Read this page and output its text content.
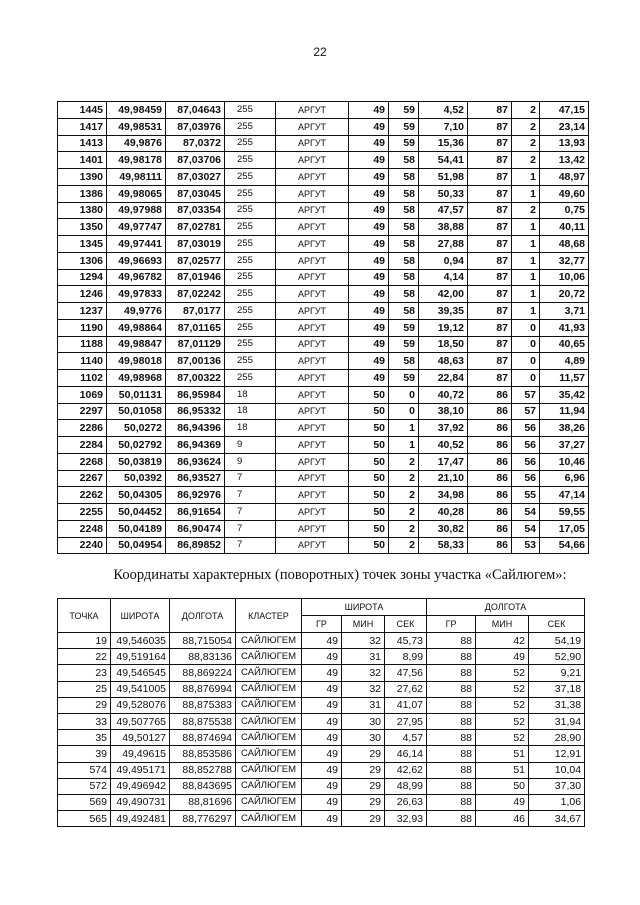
22
1445	49,98459	87,04643	255	АРГУТ	49	59	4,52	87	2	47,15
1417	49,98531	87,03976	255	АРГУТ	49	59	7,10	87	2	23,14
1413	49,9876	87,0372	255	АРГУТ	49	59	15,36	87	2	13,93
1401	49,98178	87,03706	255	АРГУТ	49	58	54,41	87	2	13,42
1390	49,98111	87,03027	255	АРГУТ	49	58	51,98	87	1	48,97
1386	49,98065	87,03045	255	АРГУТ	49	58	50,33	87	1	49,60
1380	49,97988	87,03354	255	АРГУТ	49	58	47,57	87	2	0,75
1350	49,97747	87,02781	255	АРГУТ	49	58	38,88	87	1	40,11
1345	49,97441	87,03019	255	АРГУТ	49	58	27,88	87	1	48,68
1306	49,96693	87,02577	255	АРГУТ	49	58	0,94	87	1	32,77
1294	49,96782	87,01946	255	АРГУТ	49	58	4,14	87	1	10,06
1246	49,97833	87,02242	255	АРГУТ	49	58	42,00	87	1	20,72
1237	49,9776	87,0177	255	АРГУТ	49	58	39,35	87	1	3,71
1190	49,98864	87,01165	255	АРГУТ	49	59	19,12	87	0	41,93
1188	49,98847	87,01129	255	АРГУТ	49	59	18,50	87	0	40,65
1140	49,98018	87,00136	255	АРГУТ	49	58	48,63	87	0	4,89
1102	49,98968	87,00322	255	АРГУТ	49	59	22,84	87	0	11,57
1069	50,01131	86,95984	18	АРГУТ	50	0	40,72	86	57	35,42
2297	50,01058	86,95332	18	АРГУТ	50	0	38,10	86	57	11,94
2286	50,0272	86,94396	18	АРГУТ	50	1	37,92	86	56	38,26
2284	50,02792	86,94369	9	АРГУТ	50	1	40,52	86	56	37,27
2268	50,03819	86,93624	9	АРГУТ	50	2	17,47	86	56	10,46
2267	50,0392	86,93527	7	АРГУТ	50	2	21,10	86	56	6,96
2262	50,04305	86,92976	7	АРГУТ	50	2	34,98	86	55	47,14
2255	50,04452	86,91654	7	АРГУТ	50	2	40,28	86	54	59,55
2248	50,04189	86,90474	7	АРГУТ	50	2	30,82	86	54	17,05
2240	50,04954	86,89852	7	АРГУТ	50	2	58,33	86	53	54,66
Координаты характерных (поворотных) точек зоны участка «Сайлюгем»:
ТОЧКА	ШИРОТА	ДОЛГОТА	КЛАСТЕР	ШИРОТА			ДОЛГОТА		
				ГР	МИН	СЕК	ГР	МИН	СЕК
19	49,546035	88,715054	САЙЛЮГЕМ	49	32	45,73	88	42	54,19
22	49,519164	88,83136	САЙЛЮГЕМ	49	31	8,99	88	49	52,90
23	49,546545	88,869224	САЙЛЮГЕМ	49	32	47,56	88	52	9,21
25	49,541005	88,876994	САЙЛЮГЕМ	49	32	27,62	88	52	37,18
29	49,528076	88,875383	САЙЛЮГЕМ	49	31	41,07	88	52	31,38
33	49,507765	88,875538	САЙЛЮГЕМ	49	30	27,95	88	52	31,94
35	49,50127	88,874694	САЙЛЮГЕМ	49	30	4,57	88	52	28,90
39	49,49615	88,853586	САЙЛЮГЕМ	49	29	46,14	88	51	12,91
574	49,495171	88,852788	САЙЛЮГЕМ	49	29	42,62	88	51	10,04
572	49,496942	88,843695	САЙЛЮГЕМ	49	29	48,99	88	50	37,30
569	49,490731	88,81696	САЙЛЮГЕМ	49	29	26,63	88	49	1,06
565	49,492481	88,776297	САЙЛЮГЕМ	49	29	32,93	88	46	34,67
